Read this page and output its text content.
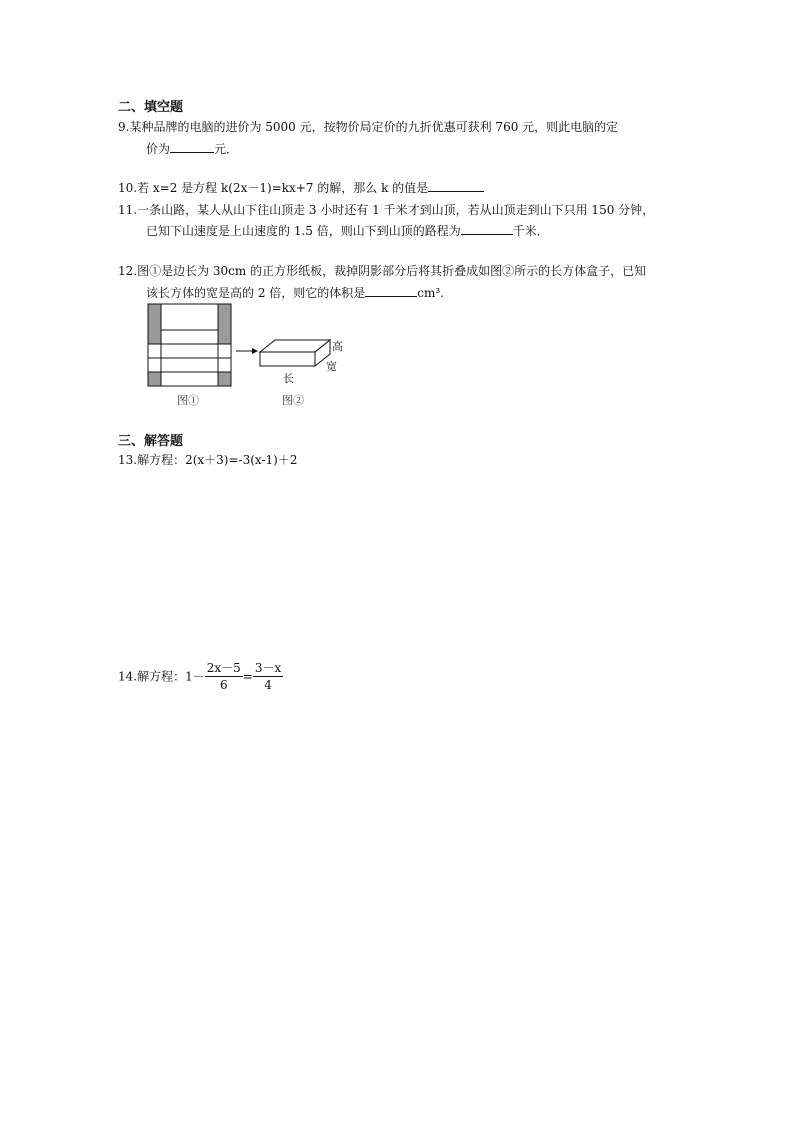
二、填空题
9.某种品牌的电脑的进价为 5000 元，按物价局定价的九折优惠可获利 760 元，则此电脑的定
价为	元．
10.若 x=2 是方程 k(2x－1)=kx+7 的解，那么 k 的值是
11.一条山路，某人从山下往山顶走 3 小时还有 1 千米才到山顶，若从山顶走到山下只用 150 分钟，
已知下山速度是上山速度的 1.5 倍，则山下到山顶的路程为	千米．
12.图①是边长为 30cm 的正方形纸板，裁掉阴影部分后将其折叠成如图②所示的长方体盒子，已知
该长方体的宽是高的 2 倍，则它的体积是	cm³.
高
宽
长
图①	图②
三、解答题
13.解方程：2(x＋3)=-3(x-1)＋2
14.解方程：$1- \frac{2x-5}{6} = \frac{3-x}{4}$
